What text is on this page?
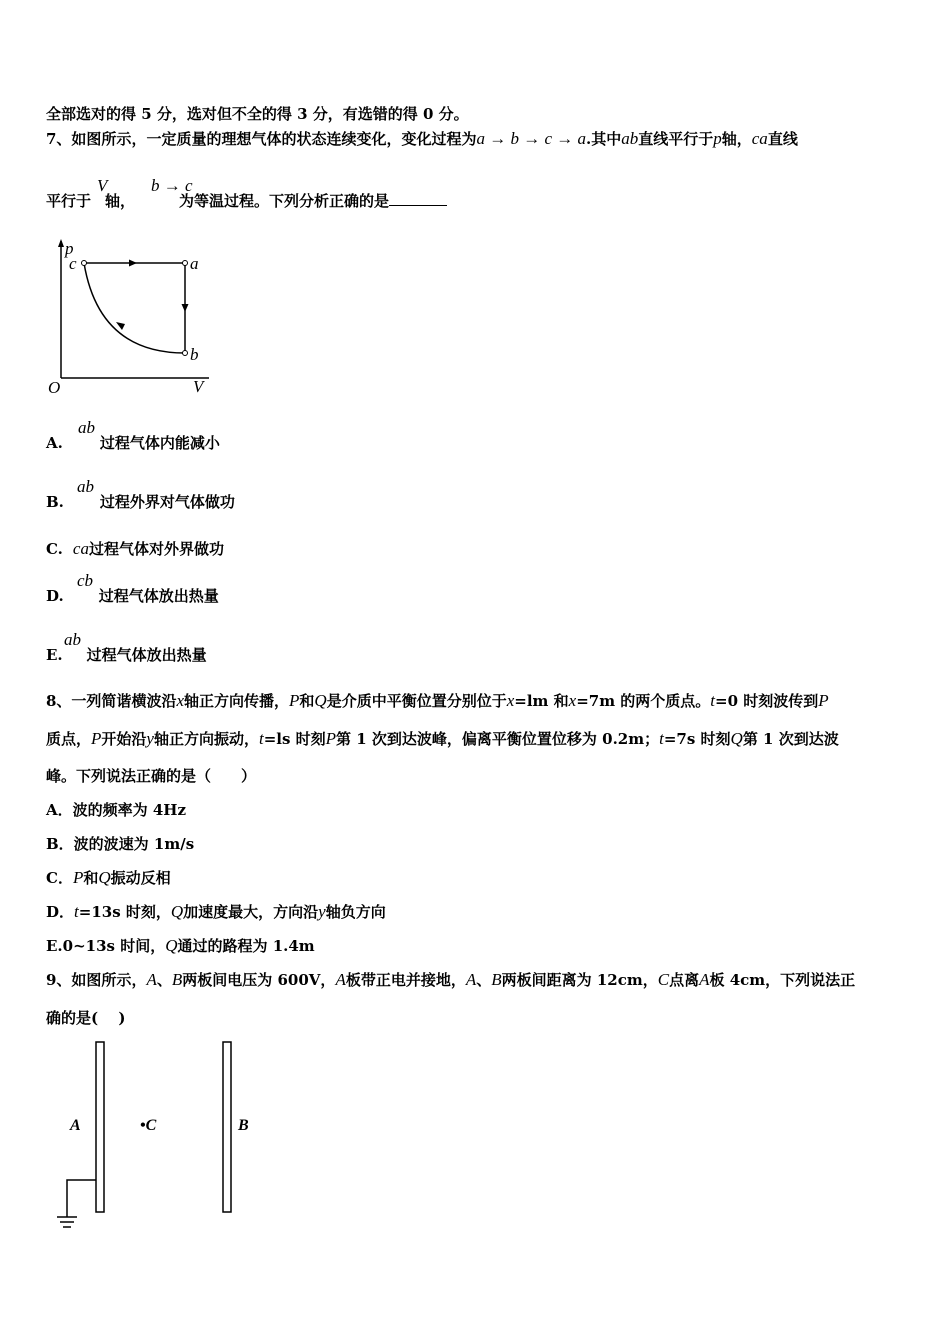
全部选对的得 5 分，选对但不全的得 3 分，有选错的得 0 分。
7、如图所示，一定质量的理想气体的状态连续变化，变化过程为a → b → c → a.其中ab直线平行于p轴，ca直线
V	b → c
平行于 轴，	为等温过程。下列分析正确的是
p
V
O
a
b
c
ab
A. 过程气体内能减小
ab
B. 过程外界对气体做功
C. ca过程气体对外界做功
cb
D. 过程气体放出热量
ab
E. 过程气体放出热量
8、一列简谐横波沿x轴正方向传播，P和Q是介质中平衡位置分别位于x=lm 和x=7m 的两个质点。t=0 时刻波传到P
质点，P开始沿y轴正方向振动，t=ls 时刻P第 1 次到达波峰，偏离平衡位置位移为 0.2m；t=7s 时刻Q第 1 次到达波
峰。下列说法正确的是（　　）
A．波的频率为 4Hz
B．波的波速为 1m/s
C．P和Q振动反相
D．t=13s 时刻，Q加速度最大，方向沿y轴负方向
E.0~13s 时间，Q通过的路程为 1.4m
9、如图所示，A、B两板间电压为 600V，A板带正电并接地，A、B两板间距离为 12cm，C点离A板 4cm，下列说法正
确的是(　 )
A	•C	B
